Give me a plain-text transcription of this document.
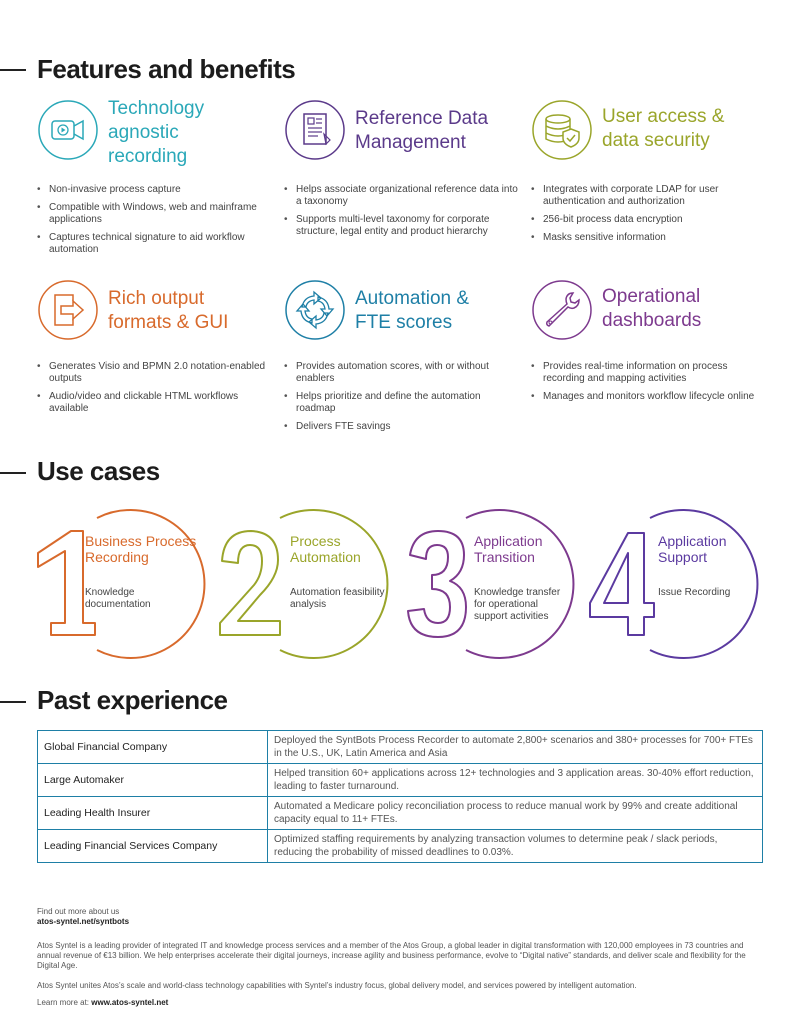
Features and benefits
Technology agnostic recording
• Non-invasive process capture
• Compatible with Windows, web and mainframe applications
• Captures technical signature to aid workflow automation
Reference Data Management
• Helps associate organizational reference data into a taxonomy
• Supports multi-level taxonomy for corporate structure, legal entity and product hierarchy
User access & data security
• Integrates with corporate LDAP for user authentication and authorization
• 256-bit process data encryption
• Masks sensitive information
Rich output formats & GUI
• Generates Visio and BPMN 2.0 notation-enabled outputs
• Audio/video and clickable HTML workflows available
Automation & FTE scores
• Provides automation scores, with or without enablers
• Helps prioritize and define the automation roadmap
• Delivers FTE savings
Operational dashboards
• Provides real-time information on process recording and mapping activities
• Manages and monitors workflow lifecycle online
Use cases
Business Process Recording
Knowledge documentation
Process Automation
Automation feasibility analysis
Application Transition
Knowledge transfer for operational support activities
Application Support
Issue Recording
Past experience
Global Financial Company	Deployed the SyntBots Process Recorder to automate 2,800+ scenarios and 380+ processes for 700+ FTEs in the U.S., UK, Latin America and Asia
Large Automaker	Helped transition 60+ applications across 12+ technologies and 3 application areas. 30-40% effort reduction, leading to faster turnaround.
Leading Health Insurer	Automated a Medicare policy reconciliation process to reduce manual work by 99% and create additional capacity equal to 11+ FTEs.
Leading Financial Services Company	Optimized staffing requirements by analyzing transaction volumes to determine peak / slack periods, reducing the probability of missed deadlines to 0.03%.
Find out more about us
atos-syntel.net/syntbots
Atos Syntel is a leading provider of integrated IT and knowledge process services and a member of the Atos Group, a global leader in digital transformation with 120,000 employees in 73 countries and annual revenue of €13 billion. We help enterprises accelerate their digital journeys, increase agility and business performance, evolve to “Digital native” standards, and deliver scale and flexibility for the Digital Age.
Atos Syntel unites Atos’s scale and world-class technology capabilities with Syntel’s industry focus, global delivery model, and services powered by intelligent automation.
Learn more at: www.atos-syntel.net
